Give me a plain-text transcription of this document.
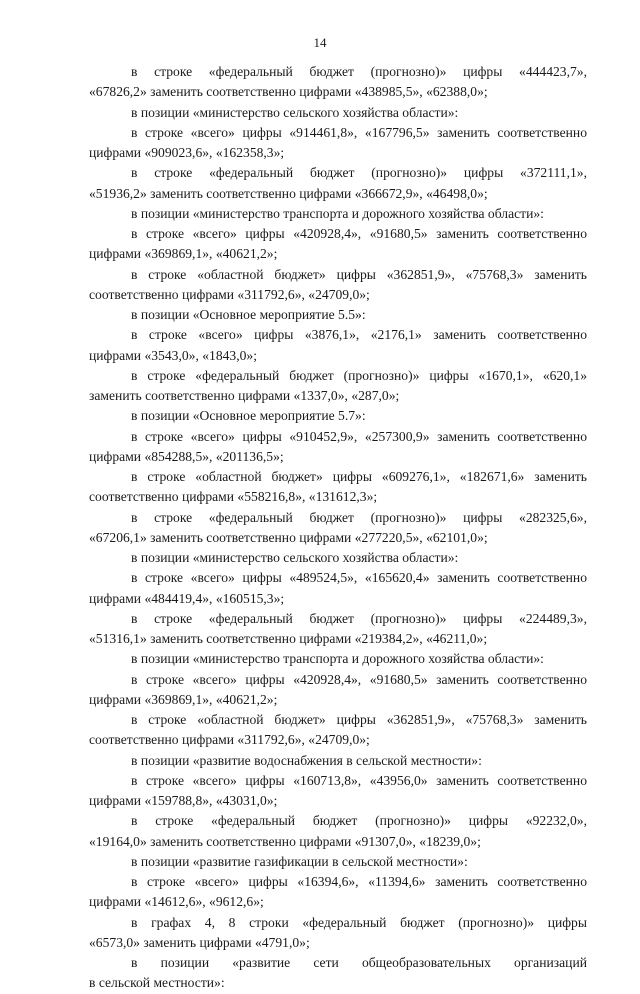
14
в строке «федеральный бюджет (прогнозно)» цифры «444423,7»,
«67826,2» заменить соответственно цифрами «438985,5», «62388,0»;
в позиции «министерство сельского хозяйства области»:
в строке «всего» цифры «914461,8», «167796,5» заменить соответственно
цифрами «909023,6», «162358,3»;
в строке «федеральный бюджет (прогнозно)» цифры «372111,1»,
«51936,2» заменить соответственно цифрами «366672,9», «46498,0»;
в позиции «министерство транспорта и дорожного хозяйства области»:
в строке «всего» цифры «420928,4», «91680,5» заменить соответственно
цифрами «369869,1», «40621,2»;
в строке «областной бюджет» цифры «362851,9», «75768,3» заменить
соответственно цифрами «311792,6», «24709,0»;
в позиции «Основное мероприятие 5.5»:
в строке «всего» цифры «3876,1», «2176,1» заменить соответственно
цифрами «3543,0», «1843,0»;
в строке «федеральный бюджет (прогнозно)» цифры «1670,1», «620,1»
заменить соответственно цифрами «1337,0», «287,0»;
в позиции «Основное мероприятие 5.7»:
в строке «всего» цифры «910452,9», «257300,9» заменить соответственно
цифрами «854288,5», «201136,5»;
в строке «областной бюджет» цифры «609276,1», «182671,6» заменить
соответственно цифрами «558216,8», «131612,3»;
в строке «федеральный бюджет (прогнозно)» цифры «282325,6»,
«67206,1» заменить соответственно цифрами «277220,5», «62101,0»;
в позиции «министерство сельского хозяйства области»:
в строке «всего» цифры «489524,5», «165620,4» заменить соответственно
цифрами «484419,4», «160515,3»;
в строке «федеральный бюджет (прогнозно)» цифры «224489,3»,
«51316,1» заменить соответственно цифрами «219384,2», «46211,0»;
в позиции «министерство транспорта и дорожного хозяйства области»:
в строке «всего» цифры «420928,4», «91680,5» заменить соответственно
цифрами «369869,1», «40621,2»;
в строке «областной бюджет» цифры «362851,9», «75768,3» заменить
соответственно цифрами «311792,6», «24709,0»;
в позиции «развитие водоснабжения в сельской местности»:
в строке «всего» цифры «160713,8», «43956,0» заменить соответственно
цифрами «159788,8», «43031,0»;
в строке «федеральный бюджет (прогнозно)» цифры «92232,0»,
«19164,0» заменить соответственно цифрами «91307,0», «18239,0»;
в позиции «развитие газификации в сельской местности»:
в строке «всего» цифры «16394,6», «11394,6» заменить соответственно
цифрами «14612,6», «9612,6»;
в графах 4, 8 строки «федеральный бюджет (прогнозно)» цифры
«6573,0» заменить цифрами «4791,0»;
в позиции «развитие сети общеобразовательных организаций
в сельской местности»:
